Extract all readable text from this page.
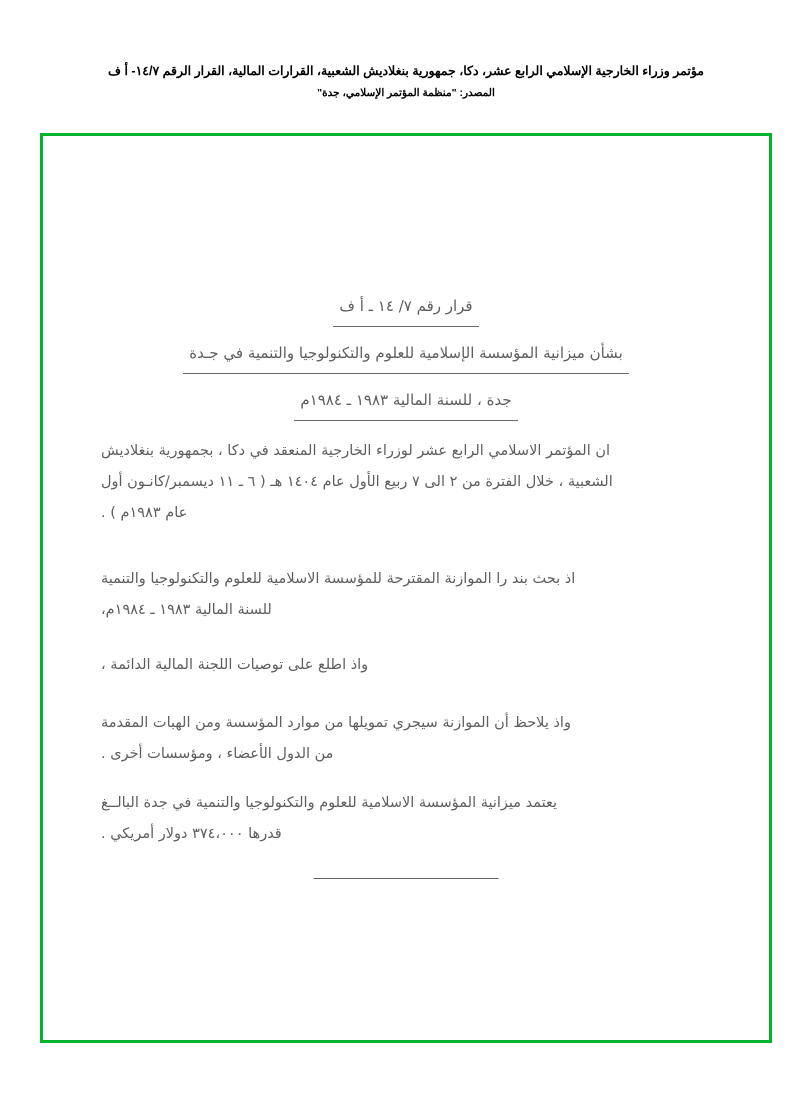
مؤتمر وزراء الخارجية الإسلامي الرابع عشر، دكا، جمهورية بنغلاديش الشعبية، القرارات المالية، القرار الرقم ١٤/٧- أ ف
المصدر: "منظمة المؤتمر الإسلامي، جدة"
قرار رقم ٧/ ١٤ ـ أ ف
بشأن ميزانية المؤسسة الإسلامية للعلوم والتكنولوجيا والتنمية في جـدة
جدة ، للسنة المالية ١٩٨٣ ـ ١٩٨٤م
ان المؤتمر الاسلامي الرابع عشر لوزراء الخارجية المنعقد في دكا ، بجمهورية بنغلاديش
الشعبية ، خلال الفترة من ٢ الى ٧ ربيع الأول عام ١٤٠٤ هـ ( ٦ ـ ١١ ديسمبر/كانـون أول
عام ١٩٨٣م ) .
اذ بحث بند را الموازنة المقترحة للمؤسسة الاسلامية للعلوم والتكنولوجيا والتنمية
للسنة المالية ١٩٨٣ ـ ١٩٨٤م،
واذ اطلع على توصيات اللجنة المالية الدائمة ،
واذ يلاحظ أن الموازنة سيجري تمويلها من موارد المؤسسة ومن الهبات المقدمة
من الدول الأعضاء ، ومؤسسات أخرى .
يعتمد ميزانية المؤسسة الاسلامية للعلوم والتكنولوجيا والتنمية في جدة البالــغ
قدرها ٣٧٤،٠٠٠ دولار أمريكي .
